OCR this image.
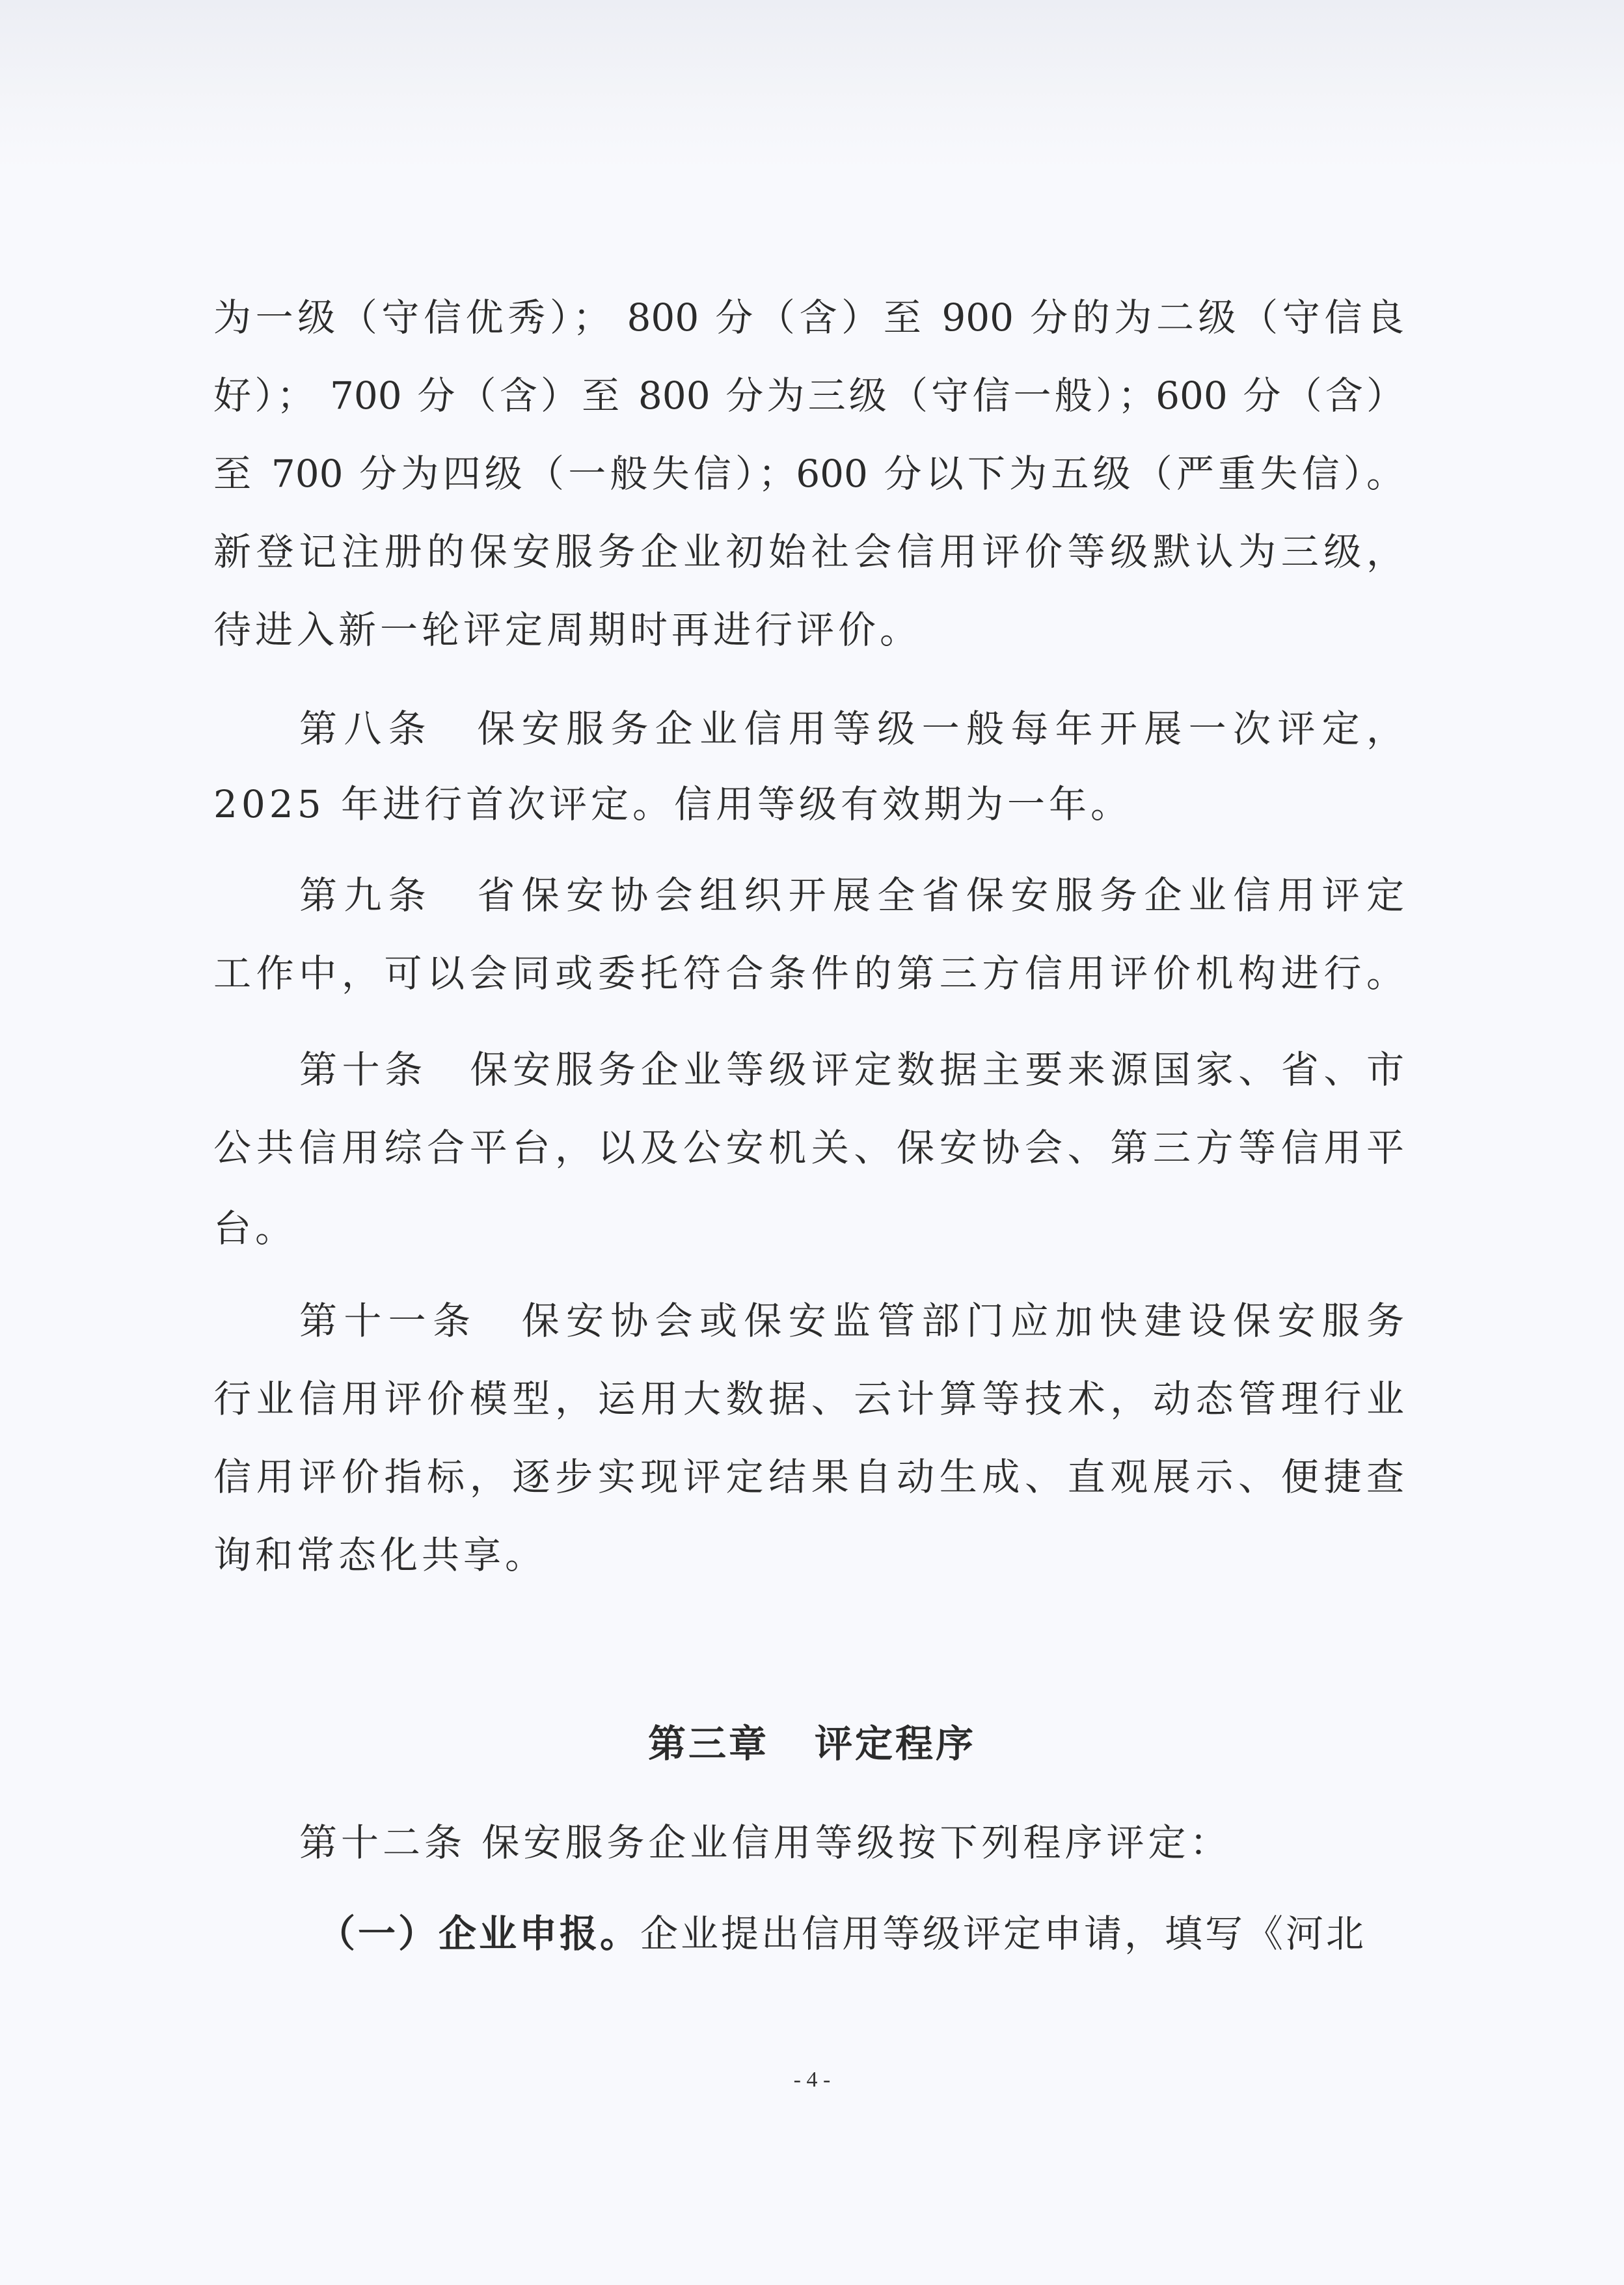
为一级（守信优秀）； 800 分（含）至 900 分的为二级（守信良
好）； 700 分（含）至 800 分为三级（守信一般）；600 分（含）
至 700 分为四级（一般失信）；600 分以下为五级（严重失信）。
新登记注册的保安服务企业初始社会信用评价等级默认为三级，
待进入新一轮评定周期时再进行评价。
第八条　保安服务企业信用等级一般每年开展一次评定，
2025 年进行首次评定。信用等级有效期为一年。
第九条　省保安协会组织开展全省保安服务企业信用评定
工作中，可以会同或委托符合条件的第三方信用评价机构进行。
第十条　保安服务企业等级评定数据主要来源国家、省、市
公共信用综合平台，以及公安机关、保安协会、第三方等信用平
台。
第十一条　保安协会或保安监管部门应加快建设保安服务
行业信用评价模型，运用大数据、云计算等技术，动态管理行业
信用评价指标，逐步实现评定结果自动生成、直观展示、便捷查
询和常态化共享。
第三章 评定程序
第十二条 保安服务企业信用等级按下列程序评定：
（一）企业申报。企业提出信用等级评定申请，填写《河北
- 4 -
